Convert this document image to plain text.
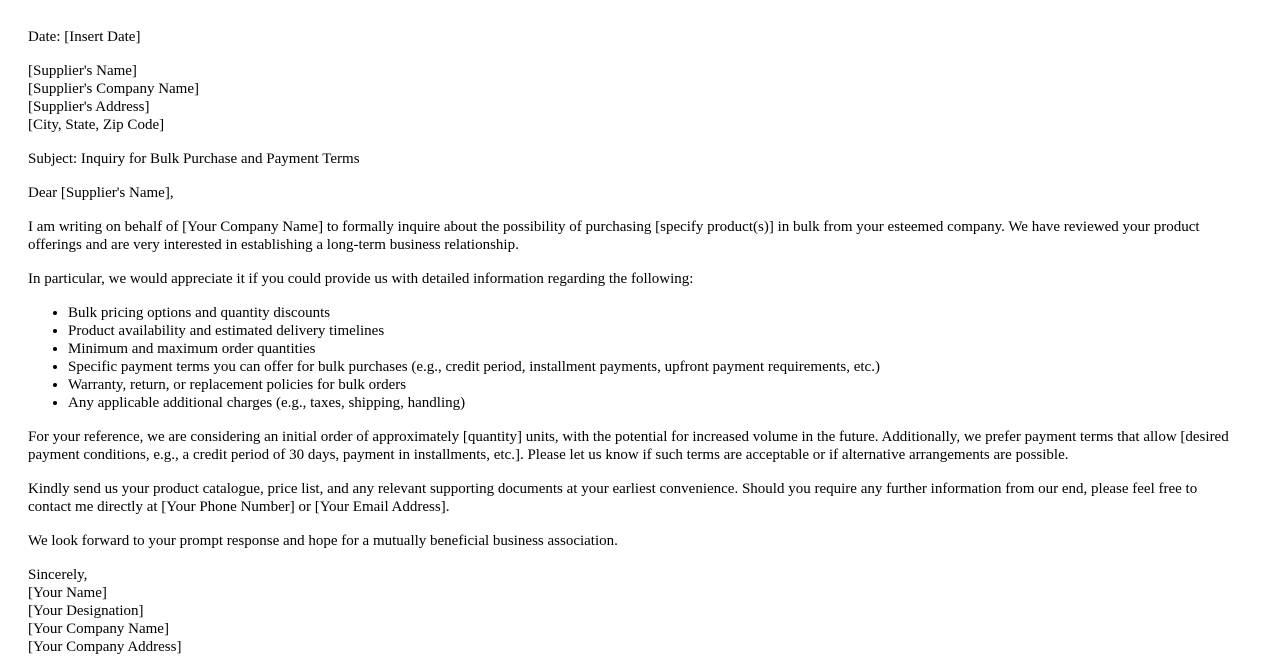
Date: [Insert Date]

[Supplier's Name]
[Supplier's Company Name]
[Supplier's Address]
[City, State, Zip Code]

Subject: Inquiry for Bulk Purchase and Payment Terms

Dear [Supplier's Name],

I am writing on behalf of [Your Company Name] to formally inquire about the possibility of purchasing [specify product(s)] in bulk from your esteemed company. We have reviewed your product offerings and are very interested in establishing a long-term business relationship.

In particular, we would appreciate it if you could provide us with detailed information regarding the following:

• Bulk pricing options and quantity discounts
• Product availability and estimated delivery timelines
• Minimum and maximum order quantities
• Specific payment terms you can offer for bulk purchases (e.g., credit period, installment payments, upfront payment requirements, etc.)
• Warranty, return, or replacement policies for bulk orders
• Any applicable additional charges (e.g., taxes, shipping, handling)

For your reference, we are considering an initial order of approximately [quantity] units, with the potential for increased volume in the future. Additionally, we prefer payment terms that allow [desired payment conditions, e.g., a credit period of 30 days, payment in installments, etc.]. Please let us know if such terms are acceptable or if alternative arrangements are possible.

Kindly send us your product catalogue, price list, and any relevant supporting documents at your earliest convenience. Should you require any further information from our end, please feel free to contact me directly at [Your Phone Number] or [Your Email Address].

We look forward to your prompt response and hope for a mutually beneficial business association.

Sincerely,
[Your Name]
[Your Designation]
[Your Company Name]
[Your Company Address]
